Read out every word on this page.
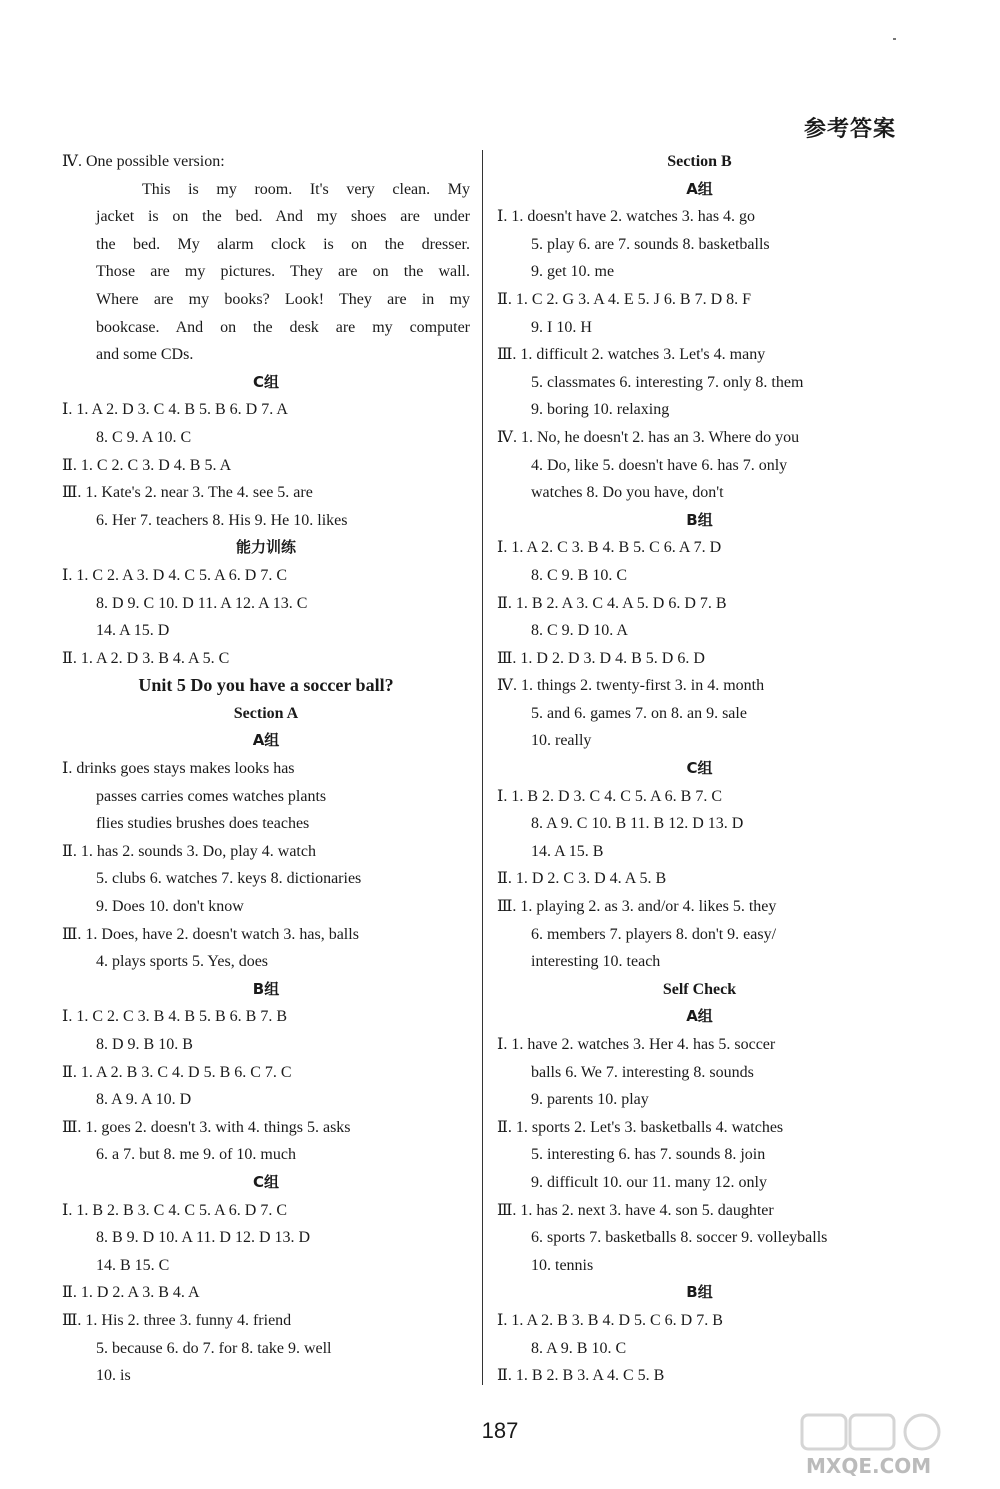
参考答案
Ⅳ. One possible version:
This is my room. It's very clean. My
jacket is on the bed. And my shoes are under
the bed. My alarm clock is on the dresser.
Those are my pictures. They are on the wall.
Where are my books? Look! They are in my
bookcase. And on the desk are my computer
and some CDs.
C组
Ⅰ. 1. A 2. D 3. C 4. B 5. B 6. D 7. A
8. C 9. A 10. C
Ⅱ. 1. C 2. C 3. D 4. B 5. A
Ⅲ. 1. Kate's 2. near 3. The 4. see 5. are
6. Her 7. teachers 8. His 9. He 10. likes
能力训练
Ⅰ. 1. C 2. A 3. D 4. C 5. A 6. D 7. C
8. D 9. C 10. D 11. A 12. A 13. C
14. A 15. D
Ⅱ. 1. A 2. D 3. B 4. A 5. C
Unit 5 Do you have a soccer ball?
Section A
A组
Ⅰ. drinks goes stays makes looks has
passes carries comes watches plants
flies studies brushes does teaches
Ⅱ. 1. has 2. sounds 3. Do, play 4. watch
5. clubs 6. watches 7. keys 8. dictionaries
9. Does 10. don't know
Ⅲ. 1. Does, have 2. doesn't watch 3. has, balls
4. plays sports 5. Yes, does
B组
Ⅰ. 1. C 2. C 3. B 4. B 5. B 6. B 7. B
8. D 9. B 10. B
Ⅱ. 1. A 2. B 3. C 4. D 5. B 6. C 7. C
8. A 9. A 10. D
Ⅲ. 1. goes 2. doesn't 3. with 4. things 5. asks
6. a 7. but 8. me 9. of 10. much
C组
Ⅰ. 1. B 2. B 3. C 4. C 5. A 6. D 7. C
8. B 9. D 10. A 11. D 12. D 13. D
14. B 15. C
Ⅱ. 1. D 2. A 3. B 4. A
Ⅲ. 1. His 2. three 3. funny 4. friend
5. because 6. do 7. for 8. take 9. well
10. is
Section B
A组
Ⅰ. 1. doesn't have 2. watches 3. has 4. go
5. play 6. are 7. sounds 8. basketballs
9. get 10. me
Ⅱ. 1. C 2. G 3. A 4. E 5. J 6. B 7. D 8. F
9. I 10. H
Ⅲ. 1. difficult 2. watches 3. Let's 4. many
5. classmates 6. interesting 7. only 8. them
9. boring 10. relaxing
Ⅳ. 1. No, he doesn't 2. has an 3. Where do you
4. Do, like 5. doesn't have 6. has 7. only
watches 8. Do you have, don't
B组
Ⅰ. 1. A 2. C 3. B 4. B 5. C 6. A 7. D
8. C 9. B 10. C
Ⅱ. 1. B 2. A 3. C 4. A 5. D 6. D 7. B
8. C 9. D 10. A
Ⅲ. 1. D 2. D 3. D 4. B 5. D 6. D
Ⅳ. 1. things 2. twenty-first 3. in 4. month
5. and 6. games 7. on 8. an 9. sale
10. really
C组
Ⅰ. 1. B 2. D 3. C 4. C 5. A 6. B 7. C
8. A 9. C 10. B 11. B 12. D 13. D
14. A 15. B
Ⅱ. 1. D 2. C 3. D 4. A 5. B
Ⅲ. 1. playing 2. as 3. and/or 4. likes 5. they
6. members 7. players 8. don't 9. easy/
interesting 10. teach
Self Check
A组
Ⅰ. 1. have 2. watches 3. Her 4. has 5. soccer
balls 6. We 7. interesting 8. sounds
9. parents 10. play
Ⅱ. 1. sports 2. Let's 3. basketballs 4. watches
5. interesting 6. has 7. sounds 8. join
9. difficult 10. our 11. many 12. only
Ⅲ. 1. has 2. next 3. have 4. son 5. daughter
6. sports 7. basketballs 8. soccer 9. volleyballs
10. tennis
B组
Ⅰ. 1. A 2. B 3. B 4. D 5. C 6. D 7. B
8. A 9. B 10. C
Ⅱ. 1. B 2. B 3. A 4. C 5. B
187
MXQE.COM
